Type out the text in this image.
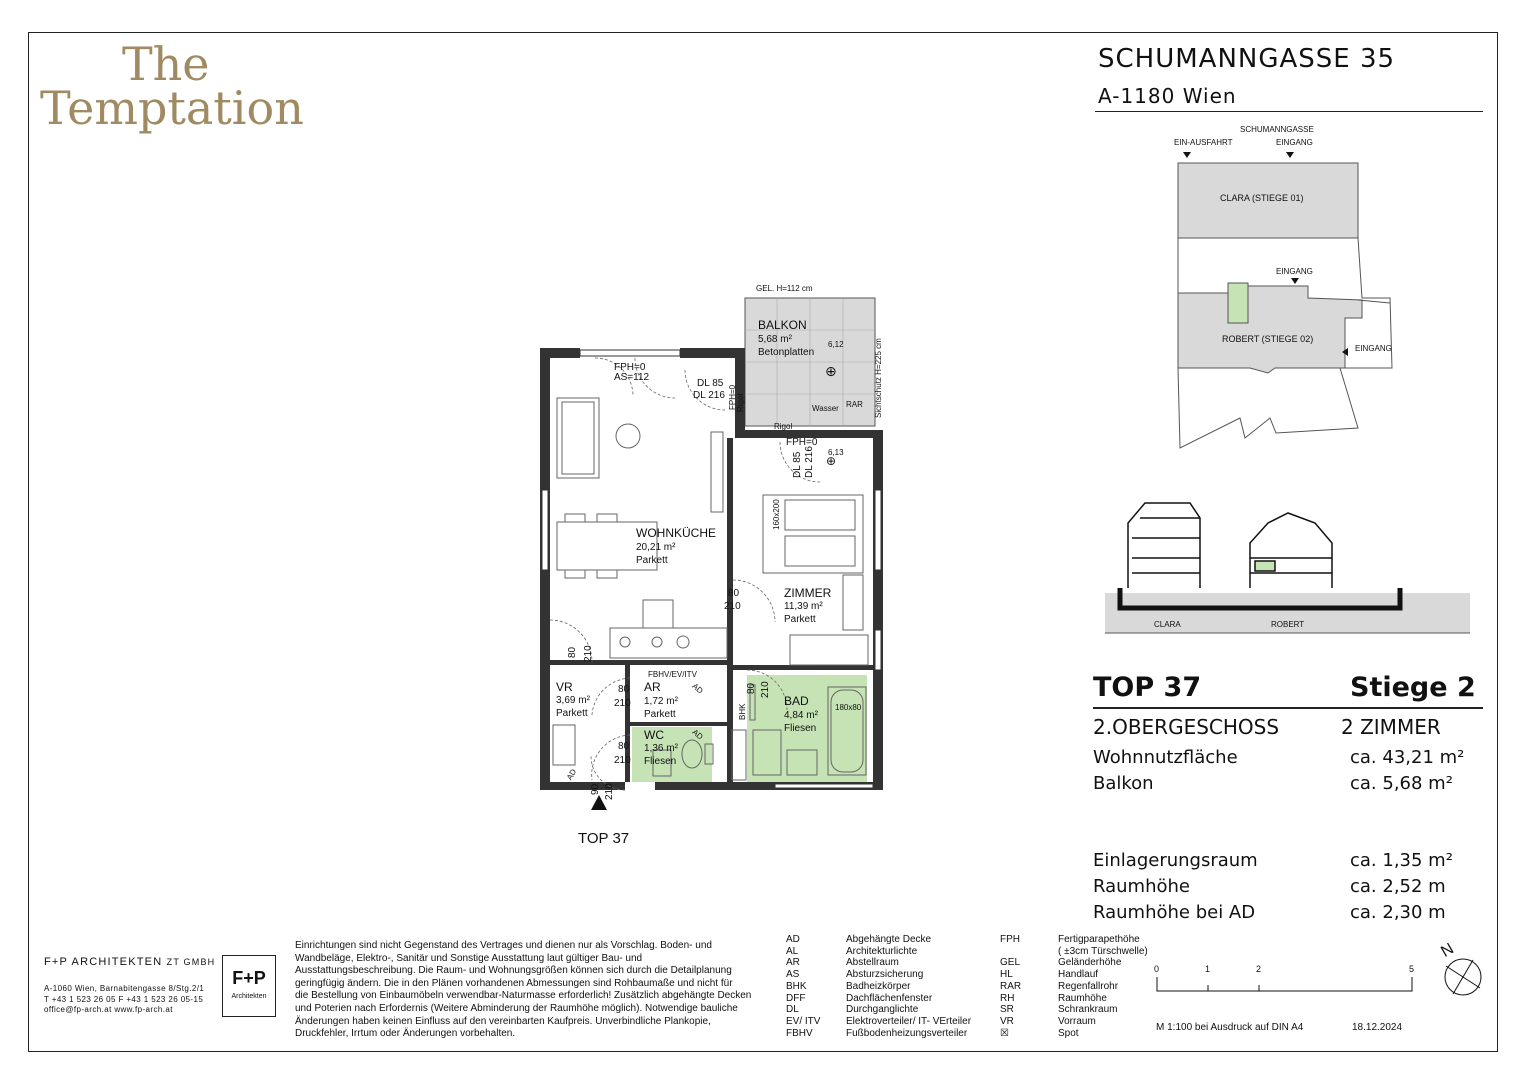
The
Temptation
SCHUMANNGASSE 35
A-1180 Wien
SCHUMANNGASSE
EIN-AUSFAHRT	EINGANG
CLARA (STIEGE 01)
EINGANG
ROBERT (STIEGE 02)
EINGANG
CLARA	ROBERT
TOP 37	Stiege 2
2.OBERGESCHOSS	2 ZIMMER
Wohnnutzfläche	ca. 43,21 m²
Balkon	ca. 5,68 m²
Einlagerungsraum	ca. 1,35 m²
Raumhöhe	ca. 2,52 m
Raumhöhe bei AD	ca. 2,30 m
⊕
⊕
GEL. H=112 cm
BALKON
5,68 m²
Betonplatten
6,12
6,13
Wasser RAR
Rigol
Rigol	Sichtschutz H=225 cm
FPH=0
AS=112
DL 85
DL 216 FPH=0
FPH=0
DL 85 DL 216
160x200
WOHNKÜCHE
20,21 m²
Parkett
ZIMMER
11,39 m²
Parkett
80
210
80 210
FBHV/EV/ITV
AD
VR
3,69 m²
Parkett
80
210
AR
1,72 m²
Parkett
80 210
BHK
BAD
4,84 m²
Fliesen
180x80
80
210
WC
1,36 m²
Fliesen
AD
AD
90 210
TOP 37
F+P ARCHITEKTEN ZT GMBH
A-1060 Wien, Barnabitengasse 8/Stg.2/1
T +43 1 523 26 05 F +43 1 523 26 05-15
office@fp-arch.at www.fp-arch.at
F+P
Architekten
Einrichtungen sind nicht Gegenstand des Vertrages und dienen nur als Vorschlag. Boden- und
Wandbeläge, Elektro-, Sanitär und Sonstige Ausstattung laut gültiger Bau- und
Ausstattungsbeschreibung. Die Raum- und Wohnungsgrößen können sich durch die Detailplanung
geringfügig ändern. Die in den Plänen vorhandenen Abmessungen sind Rohbaumaße und nicht für
die Bestellung von Einbaumöbeln verwendbar-Naturmasse erforderlich! Zusätzlich abgehängte Decken
und Poterien nach Erfordernis (Weitere Abminderung der Raumhöhe möglich). Notwendige bauliche
Änderungen haben keinen Einfluss auf den vereinbarten Kaufpreis. Unverbindliche Plankopie,
Druckfehler, Irrtum oder Änderungen vorbehalten.
AD	Abgehängte Decke	FPH	Fertigparapethöhe
AL	Architekturlichte		( ±3cm Türschwelle)
AR	Abstellraum	GEL	Geländerhöhe
AS	Absturzsicherung	HL	Handlauf
BHK	Badheizkörper	RAR	Regenfallrohr
DFF	Dachflächenfenster	RH	Raumhöhe
DL	Durchganglichte	SR	Schrankraum
EV/ ITV	Elektroverteiler/ IT- VErteiler	VR	Vorraum
FBHV	Fußbodenheizungsverteiler	☒	Spot
0	1	2	5
M 1:100 bei Ausdruck auf DIN A4	18.12.2024
N
